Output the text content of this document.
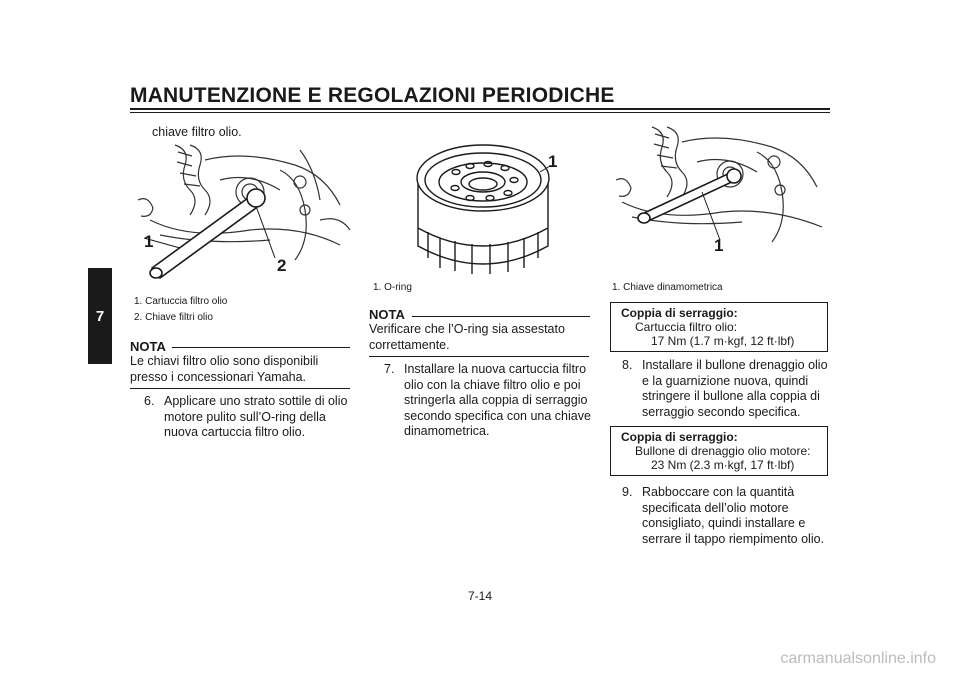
MANUTENZIONE E REGOLAZIONI PERIODICHE
7
chiave filtro olio.
1
2
1. Cartuccia filtro olio
2. Chiave filtri olio
NOTA
Le chiavi filtro olio sono disponibili presso i concessionari Yamaha.
6. Applicare uno strato sottile di olio motore pulito sull’O-ring della nuova cartuccia filtro olio.
1
1. O-ring
NOTA
Verificare che l’O-ring sia assestato correttamente.
7. Installare la nuova cartuccia filtro olio con la chiave filtro olio e poi stringerla alla coppia di serraggio secondo specifica con una chiave dinamometrica.
1
1. Chiave dinamometrica
Coppia di serraggio:
Cartuccia filtro olio:
17 Nm (1.7 m·kgf, 12 ft·lbf)
8. Installare il bullone drenaggio olio e la guarnizione nuova, quindi stringere il bullone alla coppia di serraggio secondo specifica.
Coppia di serraggio:
Bullone di drenaggio olio motore:
23 Nm (2.3 m·kgf, 17 ft·lbf)
9. Rabboccare con la quantità specificata dell’olio motore consigliato, quindi installare e serrare il tappo riempimento olio.
7-14
carmanualsonline.info
